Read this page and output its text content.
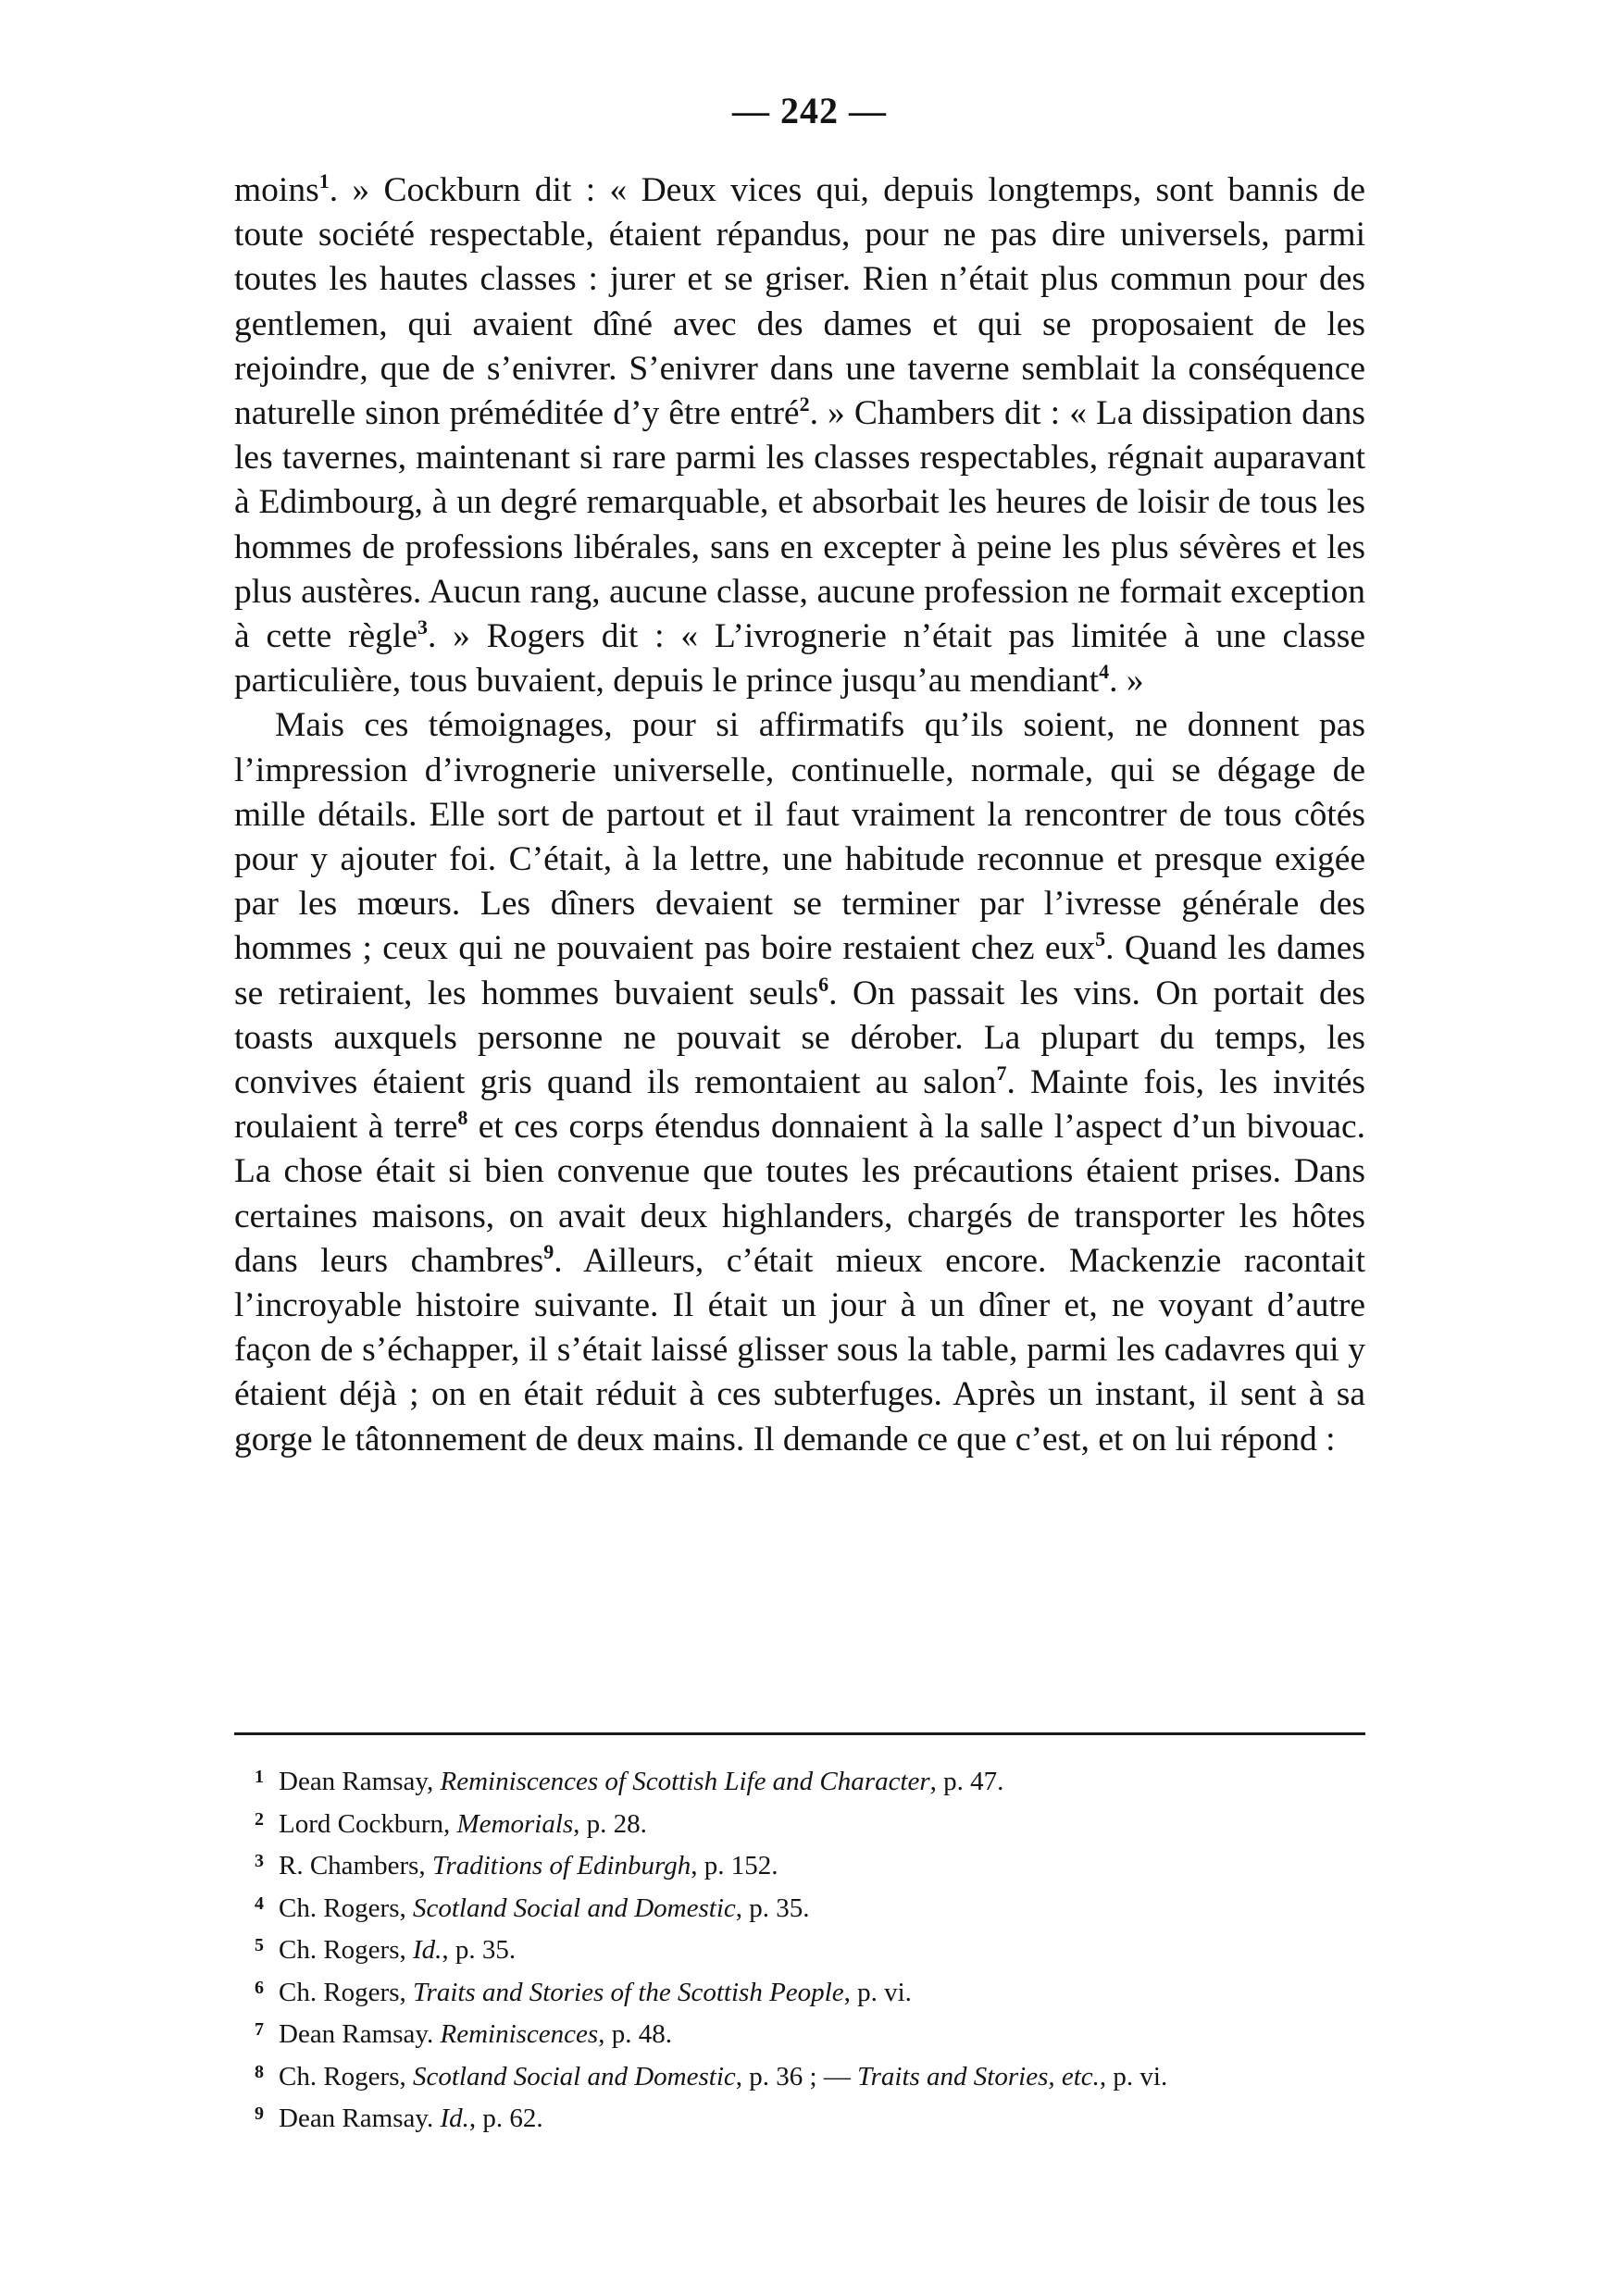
— 242 —

moins$^1$. » Cockburn dit : « Deux vices qui, depuis longtemps, sont bannis de toute société respectable, étaient répandus, pour ne pas dire universels, parmi toutes les hautes classes : jurer et se griser. Rien n’était plus commun pour des gentlemen, qui avaient dîné avec des dames et qui se proposaient de les rejoindre, que de s’enivrer. S’enivrer dans une taverne semblait la conséquence naturelle sinon préméditée d’y être entré$^2$. » Chambers dit : « La dissipation dans les tavernes, maintenant si rare parmi les classes respectables, régnait auparavant à Edimbourg, à un degré remarquable, et absorbait les heures de loisir de tous les hommes de professions libérales, sans en excepter à peine les plus sévères et les plus austères. Aucun rang, aucune classe, aucune profession ne formait exception à cette règle$^3$. » Rogers dit : « L’ivrognerie n’était pas limitée à une classe particulière, tous buvaient, depuis le prince jusqu’au mendiant$^4$. »

Mais ces témoignages, pour si affirmatifs qu’ils soient, ne donnent pas l’impression d’ivrognerie universelle, continuelle, normale, qui se dégage de mille détails. Elle sort de partout et il faut vraiment la rencontrer de tous côtés pour y ajouter foi. C’était, à la lettre, une habitude reconnue et presque exigée par les mœurs. Les dîners devaient se terminer par l’ivresse générale des hommes ; ceux qui ne pouvaient pas boire restaient chez eux$^5$. Quand les dames se retiraient, les hommes buvaient seuls$^6$. On passait les vins. On portait des toasts auxquels personne ne pouvait se dérober. La plupart du temps, les convives étaient gris quand ils remontaient au salon$^7$. Mainte fois, les invités roulaient à terre$^8$ et ces corps étendus donnaient à la salle l’aspect d’un bivouac. La chose était si bien convenue que toutes les précautions étaient prises. Dans certaines maisons, on avait deux highlanders, chargés de transporter les hôtes dans leurs chambres$^9$. Ailleurs, c’était mieux encore. Mackenzie racontait l’incroyable histoire suivante. Il était un jour à un dîner et, ne voyant d’autre façon de s’échapper, il s’était laissé glisser sous la table, parmi les cadavres qui y étaient déjà ; on en était réduit à ces subterfuges. Après un instant, il sent à sa gorge le tâtonnement de deux mains. Il demande ce que c’est, et on lui répond :

1 Dean Ramsay, Reminiscences of Scottish Life and Character, p. 47.
2 Lord Cockburn, Memorials, p. 28.
3 R. Chambers, Traditions of Edinburgh, p. 152.
4 Ch. Rogers, Scotland Social and Domestic, p. 35.
5 Ch. Rogers, Id., p. 35.
6 Ch. Rogers, Traits and Stories of the Scottish People, p. vi.
7 Dean Ramsay. Reminiscences, p. 48.
8 Ch. Rogers, Scotland Social and Domestic, p. 36 ; — Traits and Stories, etc., p. vi.
9 Dean Ramsay. Id., p. 62.
